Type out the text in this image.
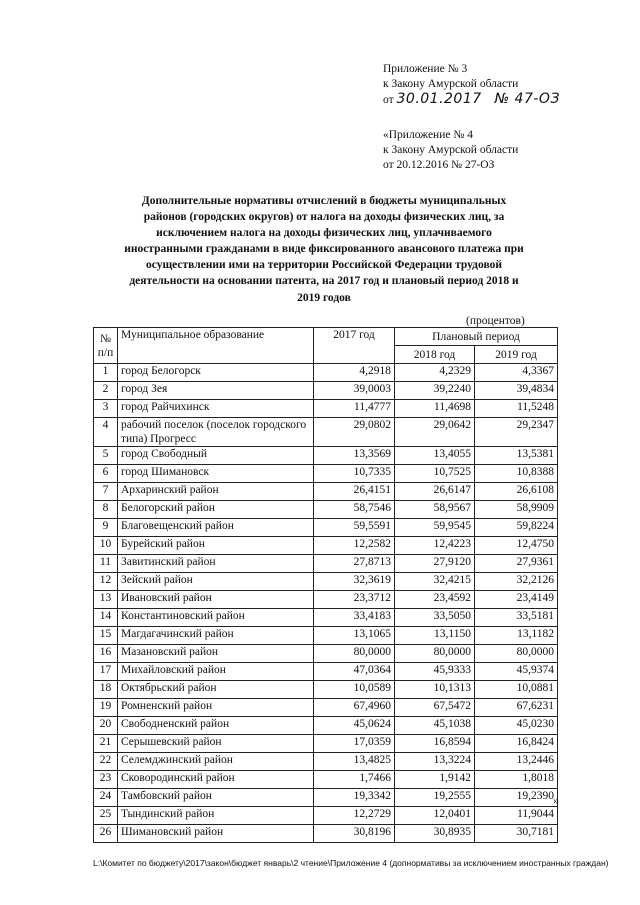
Приложение № 3
к Закону Амурской области
от 30.01.2017 № 47-ОЗ
«Приложение № 4
к Закону Амурской области
от 20.12.2016 № 27-ОЗ
Дополнительные нормативы отчислений в бюджеты муниципальных районов (городских округов) от налога на доходы физических лиц, за исключением налога на доходы физических лиц, уплачиваемого иностранными гражданами в виде фиксированного авансового платежа при осуществлении ими на территории Российской Федерации трудовой деятельности на основании патента, на 2017 год и плановый период 2018 и 2019 годов
(процентов)
№ п/п	Муниципальное образование	2017 год	Плановый период	
			2018 год	2019 год
1	город Белогорск	4,2918	4,2329	4,3367
2	город Зея	39,0003	39,2240	39,4834
3	город Райчихинск	11,4777	11,4698	11,5248
4	рабочий поселок (поселок городского типа) Прогресс	29,0802	29,0642	29,2347
5	город Свободный	13,3569	13,4055	13,5381
6	город Шимановск	10,7335	10,7525	10,8388
7	Архаринский район	26,4151	26,6147	26,6108
8	Белогорский район	58,7546	58,9567	58,9909
9	Благовещенский район	59,5591	59,9545	59,8224
10	Бурейский район	12,2582	12,4223	12,4750
11	Завитинский район	27,8713	27,9120	27,9361
12	Зейский район	32,3619	32,4215	32,2126
13	Ивановский район	23,3712	23,4592	23,4149
14	Константиновский район	33,4183	33,5050	33,5181
15	Магдагачинский район	13,1065	13,1150	13,1182
16	Мазановский район	80,0000	80,0000	80,0000
17	Михайловский район	47,0364	45,9333	45,9374
18	Октябрьский район	10,0589	10,1313	10,0881
19	Ромненский район	67,4960	67,5472	67,6231
20	Свободненский район	45,0624	45,1038	45,0230
21	Серышевский район	17,0359	16,8594	16,8424
22	Селемджинский район	13,4825	13,3224	13,2446
23	Сковородинский район	1,7466	1,9142	1,8018
24	Тамбовский район	19,3342	19,2555	19,2390
25	Тындинский район	12,2729	12,0401	11,9044
26	Шимановский район	30,8196	30,8935	30,7181
»
L:\Комитет по бюджету\2017\закон\бюджет январь\2 чтение\Приложение 4 (допнормативы за исключением иностранных граждан)
